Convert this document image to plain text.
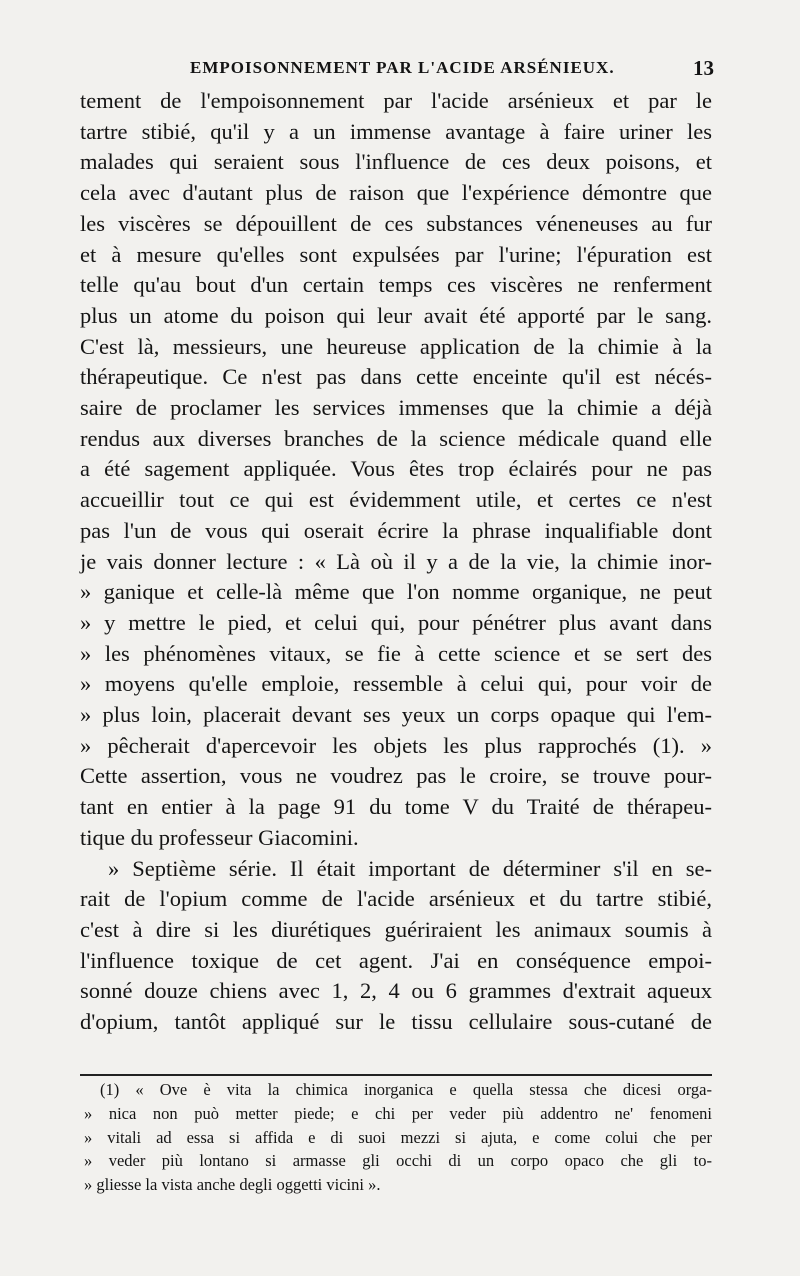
EMPOISONNEMENT PAR L'ACIDE ARSÉNIEUX.	13
tement de l'empoisonnement par l'acide arsénieux et par le
tartre stibié, qu'il y a un immense avantage à faire uriner les
malades qui seraient sous l'influence de ces deux poisons, et
cela avec d'autant plus de raison que l'expérience démontre que
les viscères se dépouillent de ces substances véneneuses au fur
et à mesure qu'elles sont expulsées par l'urine; l'épuration est
telle qu'au bout d'un certain temps ces viscères ne renferment
plus un atome du poison qui leur avait été apporté par le sang.
C'est là, messieurs, une heureuse application de la chimie à la
thérapeutique. Ce n'est pas dans cette enceinte qu'il est nécés-
saire de proclamer les services immenses que la chimie a déjà
rendus aux diverses branches de la science médicale quand elle
a été sagement appliquée. Vous êtes trop éclairés pour ne pas
accueillir tout ce qui est évidemment utile, et certes ce n'est
pas l'un de vous qui oserait écrire la phrase inqualifiable dont
je vais donner lecture : « Là où il y a de la vie, la chimie inor-
» ganique et celle-là même que l'on nomme organique, ne peut
» y mettre le pied, et celui qui, pour pénétrer plus avant dans
» les phénomènes vitaux, se fie à cette science et se sert des
» moyens qu'elle emploie, ressemble à celui qui, pour voir de
» plus loin, placerait devant ses yeux un corps opaque qui l'em-
» pêcherait d'apercevoir les objets les plus rapprochés (1). »
Cette assertion, vous ne voudrez pas le croire, se trouve pour-
tant en entier à la page 91 du tome V du Traité de thérapeu-
tique du professeur Giacomini.
» Septième série. Il était important de déterminer s'il en se-
rait de l'opium comme de l'acide arsénieux et du tartre stibié,
c'est à dire si les diurétiques guériraient les animaux soumis à
l'influence toxique de cet agent. J'ai en conséquence empoi-
sonné douze chiens avec 1, 2, 4 ou 6 grammes d'extrait aqueux
d'opium, tantôt appliqué sur le tissu cellulaire sous-cutané de
(1) « Ove è vita la chimica inorganica e quella stessa che dicesi orga-
» nica non può metter piede; e chi per veder più addentro ne' fenomeni
» vitali ad essa si affida e di suoi mezzi si ajuta, e come colui che per
» veder più lontano si armasse gli occhi di un corpo opaco che gli to-
» gliesse la vista anche degli oggetti vicini ».
